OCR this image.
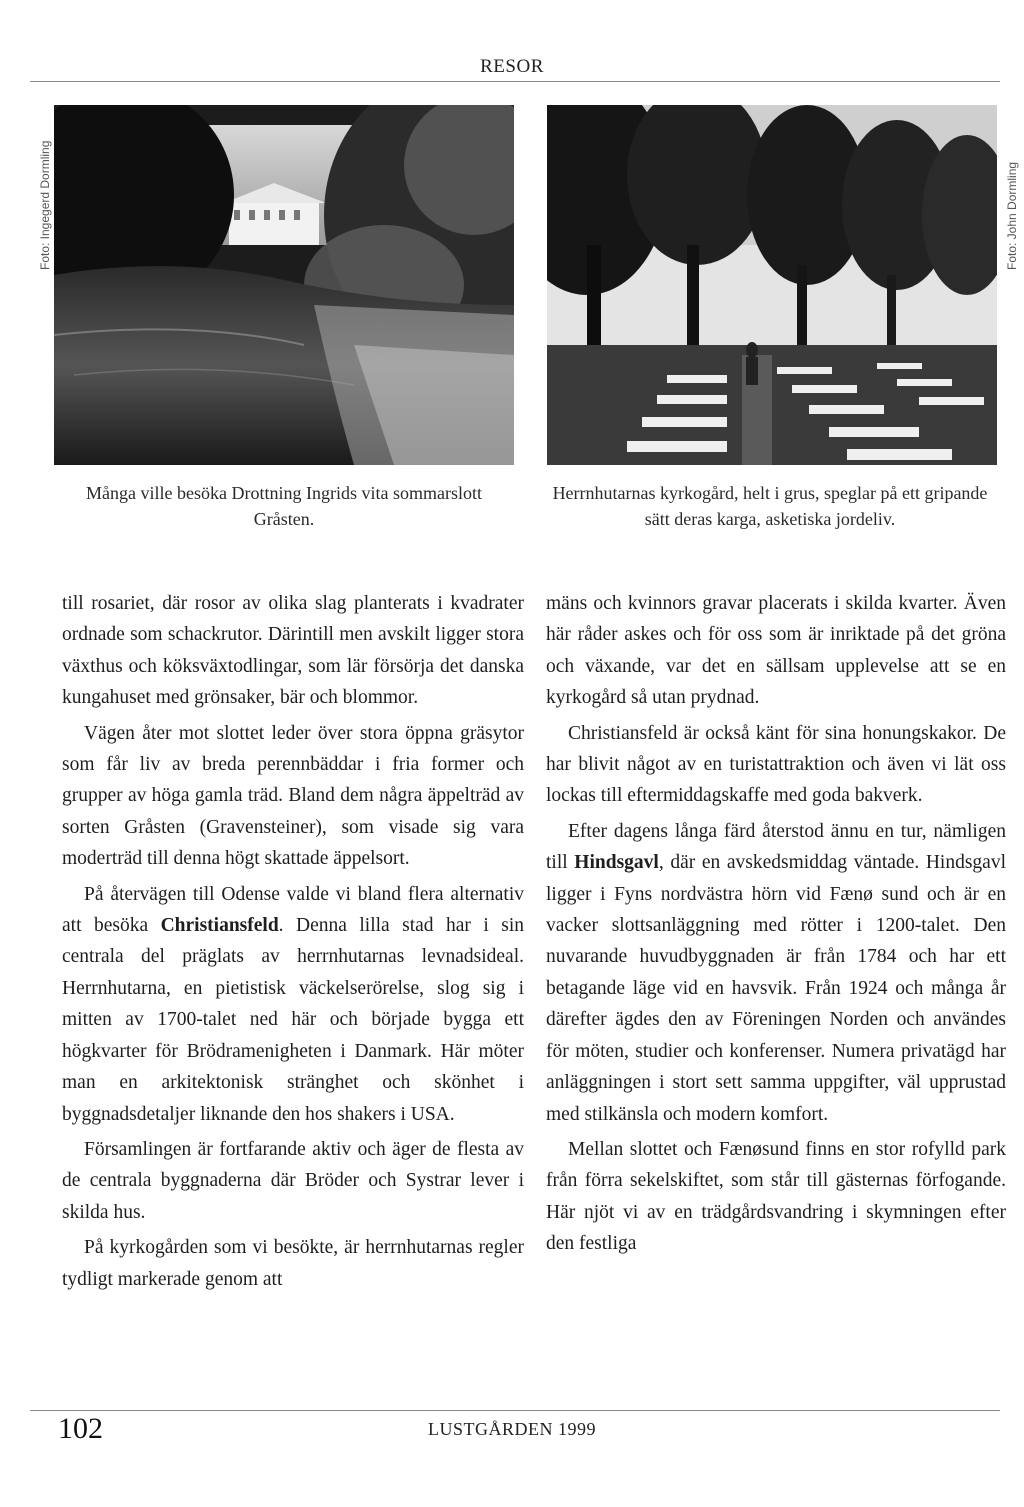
RESOR
Foto: Ingegerd Dormling	Foto: John Dormling
Många ville besöka Drottning Ingrids vita sommarslott Gråsten.
Herrnhutarnas kyrkogård, helt i grus, speglar på ett gripande sätt deras karga, asketiska jordeliv.

till rosariet, där rosor av olika slag planterats i kvadrater ordnade som schackrutor. Därintill men avskilt ligger stora växthus och köksväxtodlingar, som lär försörja det danska kungahuset med grönsaker, bär och blommor.

Vägen åter mot slottet leder över stora öppna gräsytor som får liv av breda perennbäddar i fria former och grupper av höga gamla träd. Bland dem några äppelträd av sorten Gråsten (Gravensteiner), som visade sig vara moderträd till denna högt skattade äppelsort.

På återvägen till Odense valde vi bland flera alternativ att besöka Christiansfeld. Denna lilla stad har i sin centrala del präglats av herrnhutarnas levnadsideal. Herrnhutarna, en pietistisk väckelserörelse, slog sig i mitten av 1700-talet ned här och började bygga ett högkvarter för Brödramenigheten i Danmark. Här möter man en arkitektonisk stränghet och skönhet i byggnadsdetaljer liknande den hos shakers i USA.

Församlingen är fortfarande aktiv och äger de flesta av de centrala byggnaderna där Bröder och Systrar lever i skilda hus.

På kyrkogården som vi besökte, är herrnhutarnas regler tydligt markerade genom att

mäns och kvinnors gravar placerats i skilda kvarter. Även här råder askes och för oss som är inriktade på det gröna och växande, var det en sällsam upplevelse att se en kyrkogård så utan prydnad.

Christiansfeld är också känt för sina honungskakor. De har blivit något av en turistattraktion och även vi lät oss lockas till eftermiddagskaffe med goda bakverk.

Efter dagens långa färd återstod ännu en tur, nämligen till Hindsgavl, där en avskedsmiddag väntade. Hindsgavl ligger i Fyns nordvästra hörn vid Fænø sund och är en vacker slottsanläggning med rötter i 1200-talet. Den nuvarande huvudbyggnaden är från 1784 och har ett betagande läge vid en havsvik. Från 1924 och många år därefter ägdes den av Föreningen Norden och användes för möten, studier och konferenser. Numera privatägd har anläggningen i stort sett samma uppgifter, väl upprustad med stilkänsla och modern komfort.

Mellan slottet och Fænøsund finns en stor rofylld park från förra sekelskiftet, som står till gästernas förfogande. Här njöt vi av en trädgårdsvandring i skymningen efter den festliga

102	LUSTGÅRDEN 1999
